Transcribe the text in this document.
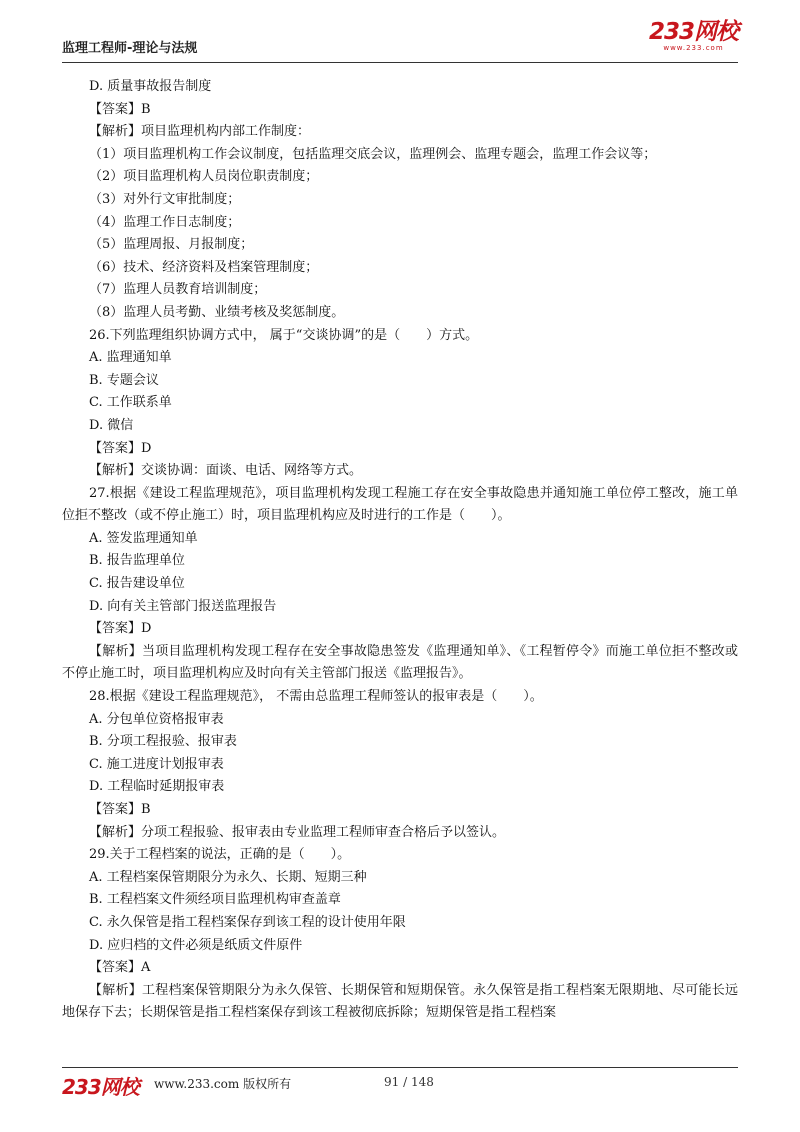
监理工程师-理论与法规
233网校
www.233.com
D. 质量事故报告制度
【答案】B
【解析】项目监理机构内部工作制度：
（1）项目监理机构工作会议制度，包括监理交底会议，监理例会、监理专题会，监理工作会议等；
（2）项目监理机构人员岗位职责制度；
（3）对外行文审批制度；
（4）监理工作日志制度；
（5）监理周报、月报制度；
（6）技术、经济资料及档案管理制度；
（7）监理人员教育培训制度；
（8）监理人员考勤、业绩考核及奖惩制度。
26.下列监理组织协调方式中， 属于“交谈协调”的是（　　）方式。
A. 监理通知单
B. 专题会议
C. 工作联系单
D. 微信
【答案】D
【解析】交谈协调：面谈、电话、网络等方式。
27.根据《建设工程监理规范》，项目监理机构发现工程施工存在安全事故隐患并通知施工单位停工整改，施工单位拒不整改（或不停止施工）时，项目监理机构应及时进行的工作是（　　）。
A. 签发监理通知单
B. 报告监理单位
C. 报告建设单位
D. 向有关主管部门报送监理报告
【答案】D
【解析】当项目监理机构发现工程存在安全事故隐患签发《监理通知单》、《工程暂停令》而施工单位拒不整改或不停止施工时，项目监理机构应及时向有关主管部门报送《监理报告》。
28.根据《建设工程监理规范》， 不需由总监理工程师签认的报审表是（　　）。
A. 分包单位资格报审表
B. 分项工程报验、报审表
C. 施工进度计划报审表
D. 工程临时延期报审表
【答案】B
【解析】分项工程报验、报审表由专业监理工程师审查合格后予以签认。
29.关于工程档案的说法，正确的是（　　）。
A. 工程档案保管期限分为永久、长期、短期三种
B. 工程档案文件须经项目监理机构审查盖章
C. 永久保管是指工程档案保存到该工程的设计使用年限
D. 应归档的文件必须是纸质文件原件
【答案】A
【解析】工程档案保管期限分为永久保管、长期保管和短期保管。永久保管是指工程档案无限期地、尽可能长远地保存下去；长期保管是指工程档案保存到该工程被彻底拆除；短期保管是指工程档案
233网校 www.233.com 版权所有	91 / 148
